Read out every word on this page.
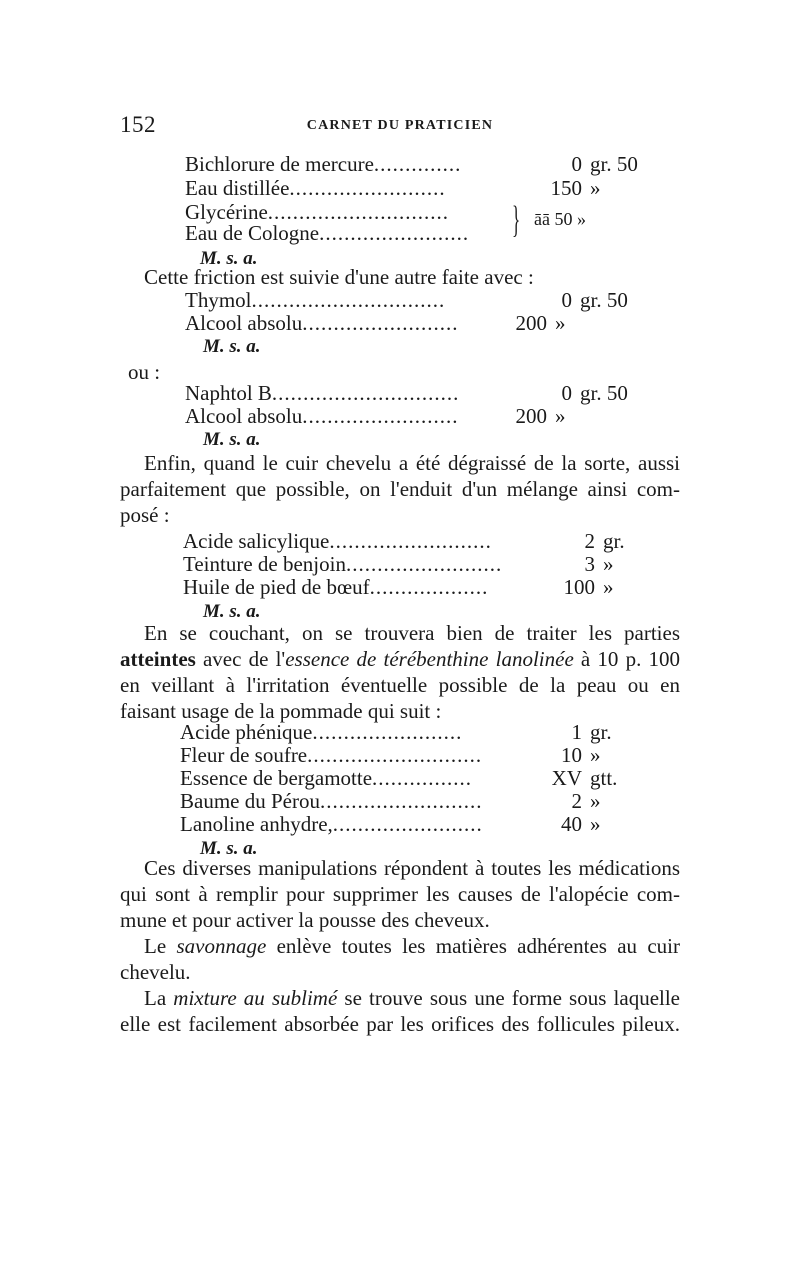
152	CARNET DU PRATICIEN
Bichlorure de mercure..............	0 gr. 50
Eau distillée.........................	150 »
Glycérine.............................
Eau de Cologne........................	} āā 50 »
M. s. a.
Cette friction est suivie d'une autre faite avec :
Thymol...............................	0 gr. 50
Alcool absolu.........................	200 »
M. s. a.
ou :
Naphtol B..............................	0 gr. 50
Alcool absolu.........................	200 »
M. s. a.
Enfin, quand le cuir chevelu a été dégraissé de la sorte, aussi
parfaitement que possible, on l'enduit d'un mélange ainsi com-
posé :
Acide salicylique..........................	2 gr.
Teinture de benjoin.........................	3 »
Huile de pied de bœuf...................	100 »
M. s. a.
En se couchant, on se trouvera bien de traiter les parties
atteintes avec de l'essence de térébenthine lanolinée à 10 p. 100
en veillant à l'irritation éventuelle possible de la peau ou en
faisant usage de la pommade qui suit :
Acide phénique........................	1 gr.
Fleur de soufre............................	10 »
Essence de bergamotte................	XV gtt.
Baume du Pérou..........................	2 »
Lanoline anhydre,........................	40 »
M. s. a.
Ces diverses manipulations répondent à toutes les médications
qui sont à remplir pour supprimer les causes de l'alopécie com-
mune et pour activer la pousse des cheveux.
Le savonnage enlève toutes les matières adhérentes au cuir
chevelu.
La mixture au sublimé se trouve sous une forme sous laquelle
elle est facilement absorbée par les orifices des follicules pileux.
